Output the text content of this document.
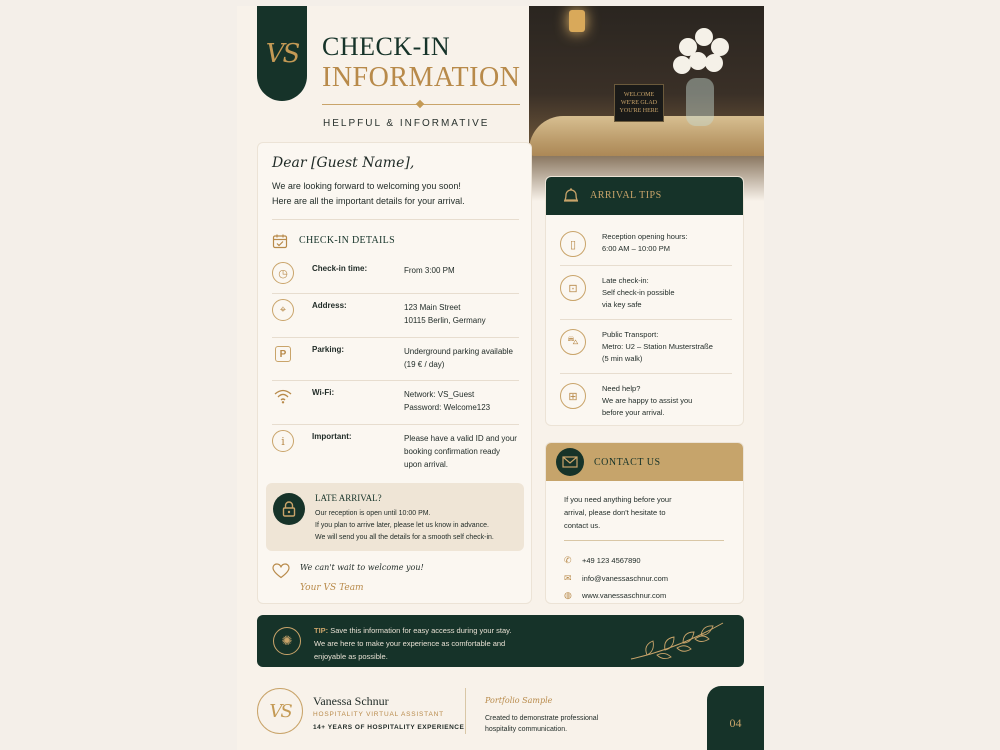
VS CHECK-IN
INFORMATION
HELPFUL & INFORMATIVE
WELCOME
WE'RE GLAD
YOU'RE HERE
Dear [Guest Name],
We are looking forward to welcoming you soon!
Here are all the important details for your arrival.
CHECK-IN DETAILS
◷	Check-in time:	From 3:00 PM
⌖	Address:	123 Main Street
10115 Berlin, Germany
P	Parking:	Underground parking available
(19 € / day)
Wi-Fi:	Network: VS_Guest
Password: Welcome123
i	Important:	Please have a valid ID and your
booking confirmation ready
upon arrival.
LATE ARRIVAL?
Our reception is open until 10:00 PM.
If you plan to arrive later, please let us know in advance.
We will send you all the details for a smooth self check-in.
We can't wait to welcome you!
Your VS Team
ARRIVAL TIPS
▯
Reception opening hours:
6:00 AM – 10:00 PM
⊡
Late check-in:
Self check-in possible
via key safe
⛍
Public Transport:
Metro: U2 – Station Musterstraße
(5 min walk)
⊞
Need help?
We are happy to assist you
before your arrival.
CONTACT US
If you need anything before your
arrival, please don't hesitate to
contact us.
✆ +49 123 4567890
✉ info@vanessaschnur.com
◍ www.vanessaschnur.com
✺
TIP: Save this information for easy access during your stay.
We are here to make your experience as comfortable and
enjoyable as possible.
VS Vanessa Schnur
HOSPITALITY VIRTUAL ASSISTANT
14+ YEARS OF HOSPITALITY EXPERIENCE
Portfolio Sample
Created to demonstrate professional
hospitality communication.	04
